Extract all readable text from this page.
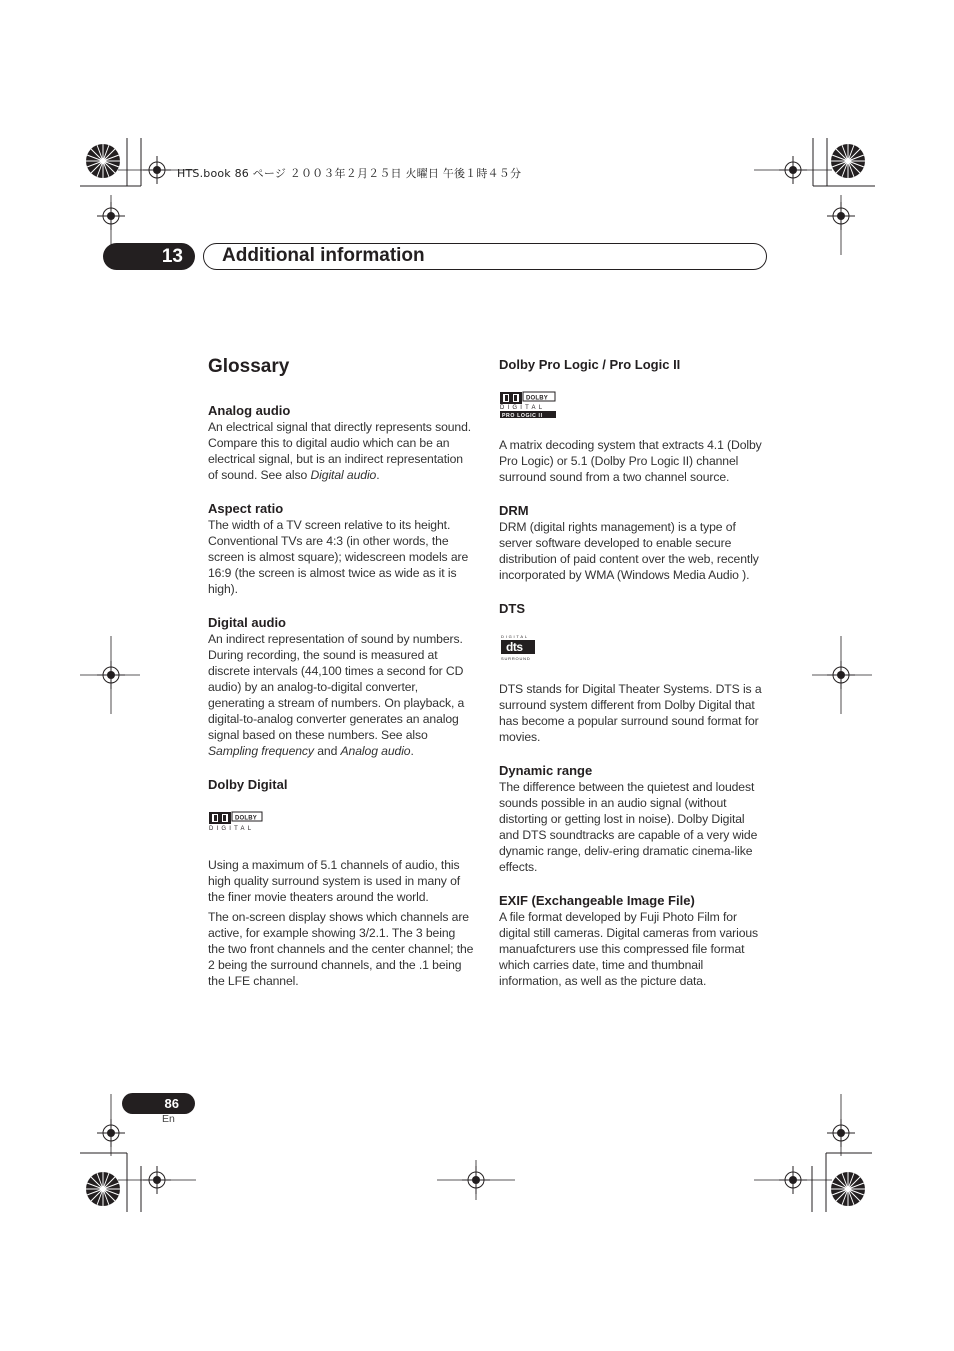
HTS.book 86 ページ ２００３年２月２５日 火曜日 午後１時４５分
13	Additional information
Glossary

Analog audio

An electrical signal that directly represents sound. Compare this to digital audio which can be an electrical signal, but is an indirect representation of sound. See also Digital audio.

Aspect ratio

The width of a TV screen relative to its height. Conventional TVs are 4:3 (in other words, the screen is almost square); widescreen models are 16:9 (the screen is almost twice as wide as it is high).

Digital audio

An indirect representation of sound by numbers. During recording, the sound is measured at discrete intervals (44,100 times a second for CD audio) by an analog-to-digital converter, generating a stream of numbers. On playback, a digital-to-analog converter generates an analog signal based on these numbers. See also Sampling frequency and Analog audio.

Dolby Digital

DOLBY
DIGITAL

Using a maximum of 5.1 channels of audio, this high quality surround system is used in many of the finer movie theaters around the world.

The on-screen display shows which channels are active, for example showing 3/2.1. The 3 being the two front channels and the center channel; the 2 being the surround channels, and the .1 being the LFE channel.

Dolby Pro Logic / Pro Logic II

DOLBY
DIGITAL
PRO LOGIC II

A matrix decoding system that extracts 4.1 (Dolby Pro Logic) or 5.1 (Dolby Pro Logic II) channel surround sound from a two channel source.

DRM

DRM (digital rights management) is a type of server software developed to enable secure distribution of paid content over the web, recently incorporated by WMA (Windows Media Audio ).

DTS

DIGITAL
dts
SURROUND

DTS stands for Digital Theater Systems. DTS is a surround system different from Dolby Digital that has become a popular surround sound format for movies.

Dynamic range

The difference between the quietest and loudest sounds possible in an audio signal (without distorting or getting lost in noise). Dolby Digital and DTS soundtracks are capable of a very wide dynamic range, deliv-ering dramatic cinema-like effects.

EXIF (Exchangeable Image File)

A file format developed by Fuji Photo Film for digital still cameras. Digital cameras from various manuafcturers use this compressed file format which carries date, time and thumbnail information, as well as the picture data.

86
En
